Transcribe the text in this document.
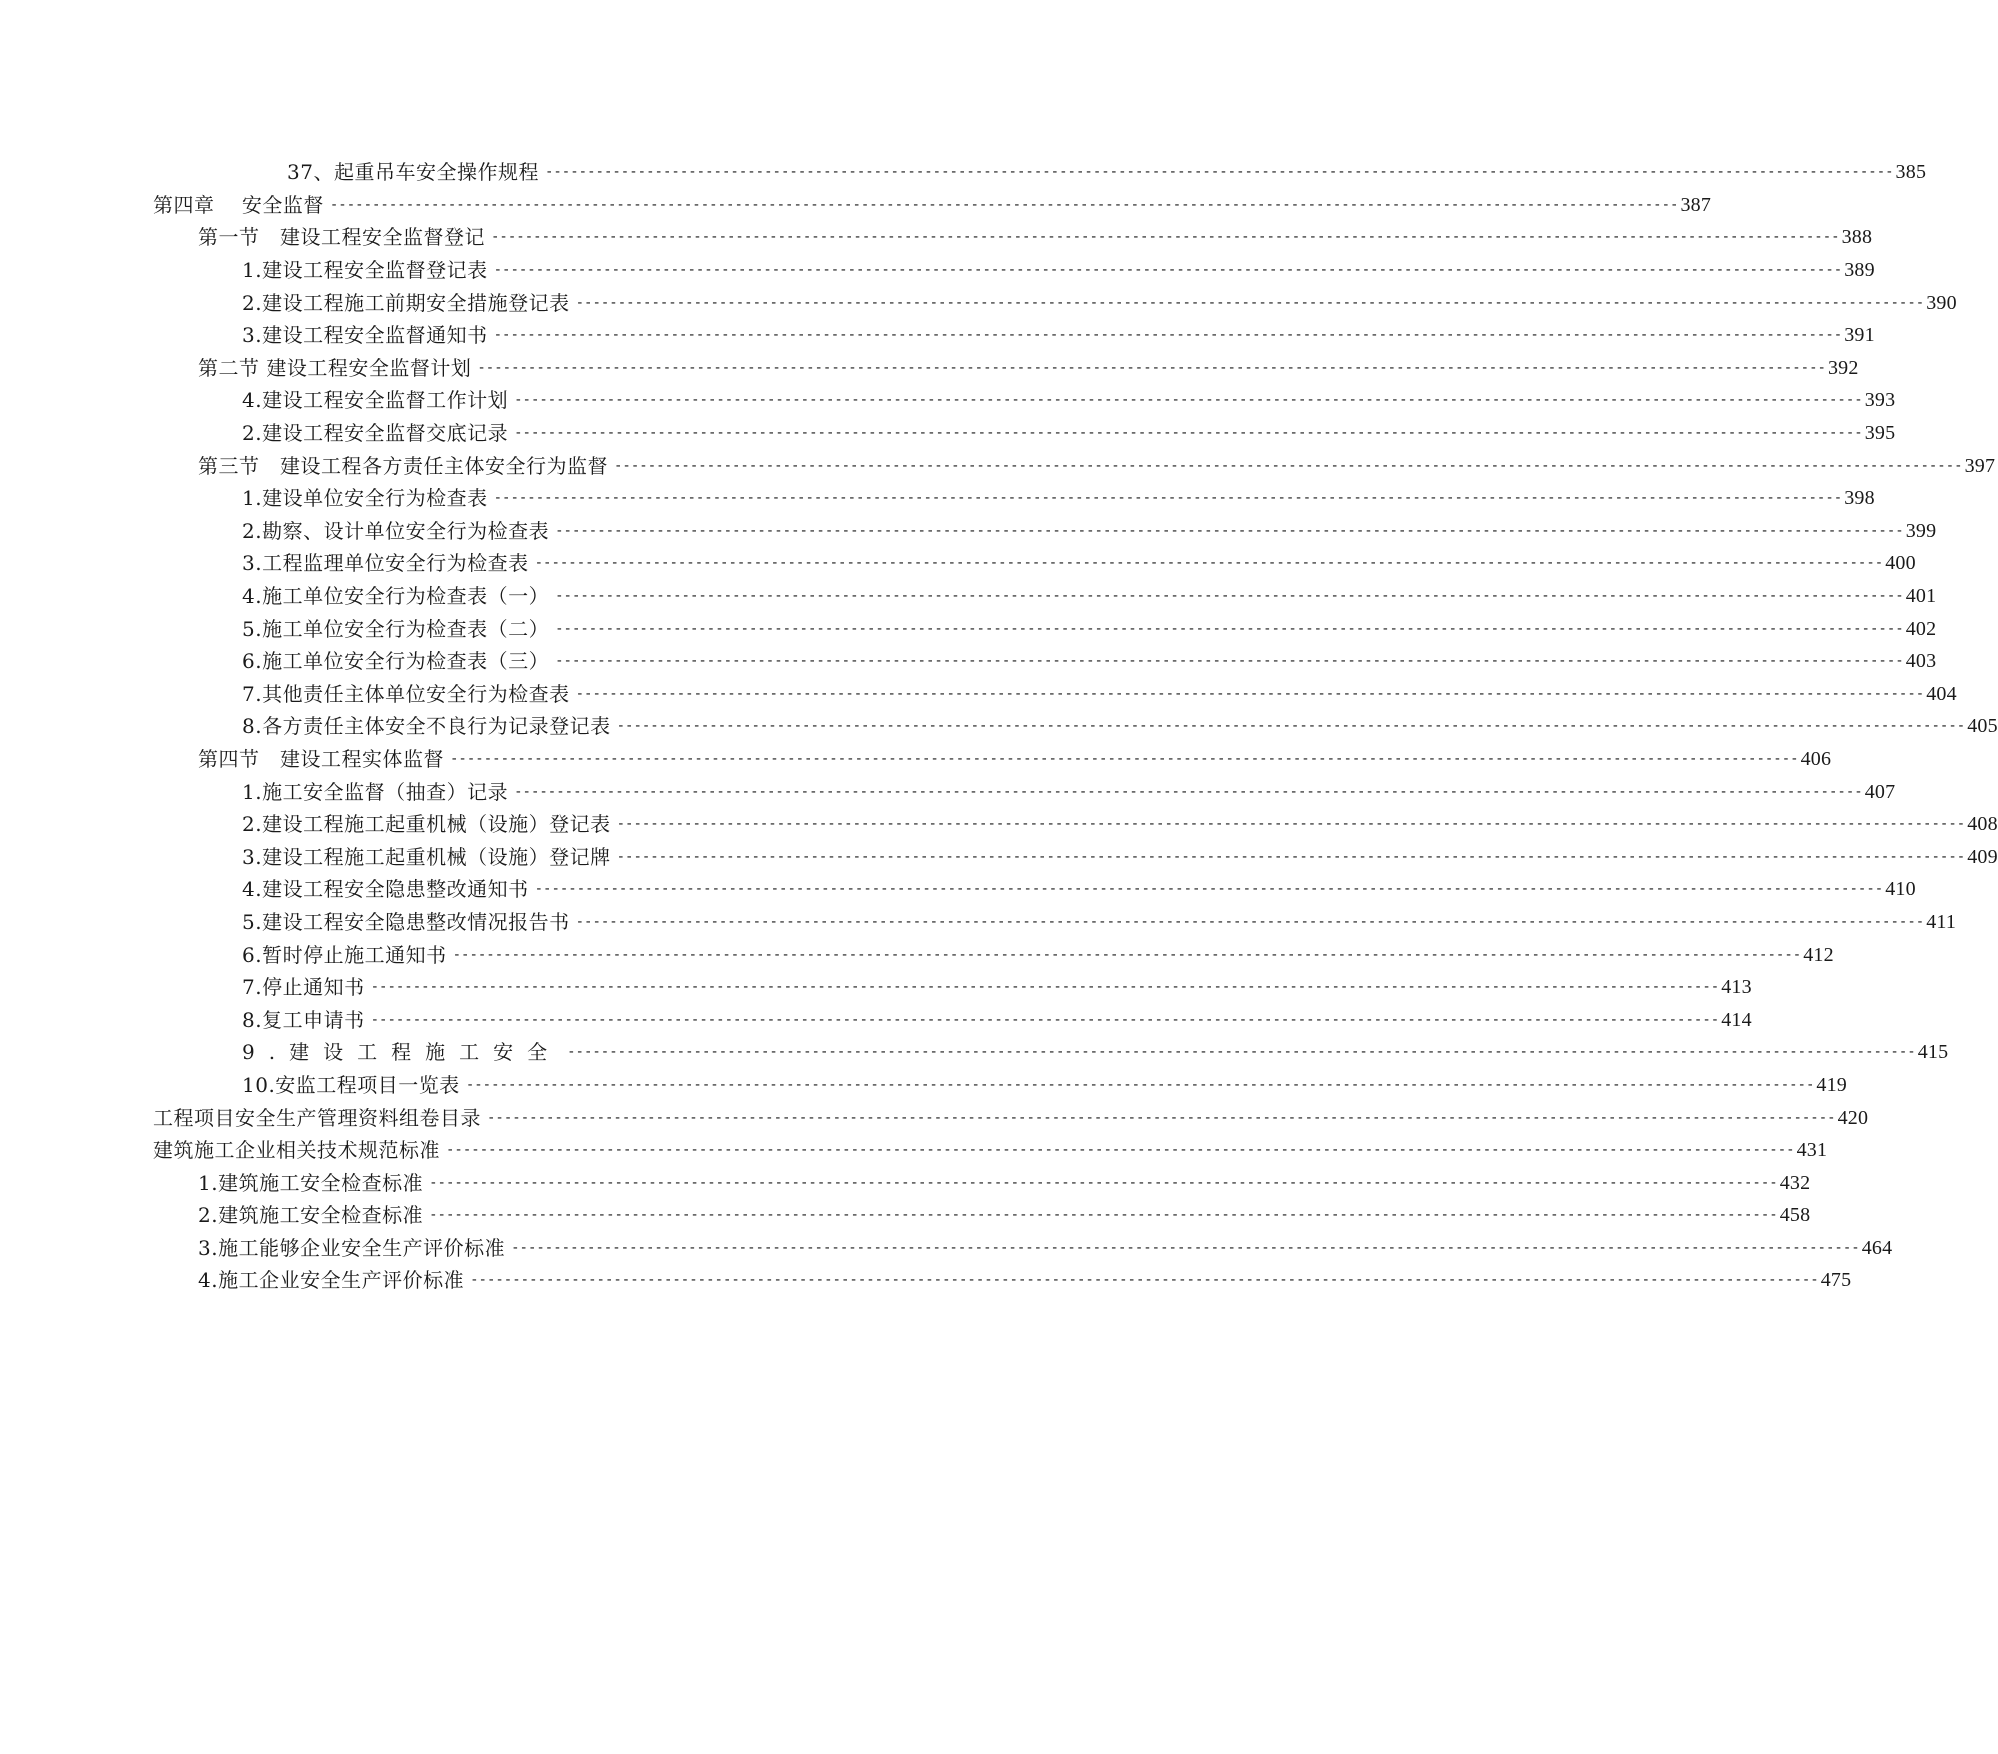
37、起重吊车安全操作规程 ---------------------------------------------------------------------------------------------------------------------------------------------------------------- 385
第四章　 安全监督 ---------------------------------------------------------------------------------------------------------------------------------------------------------------- 387
第一节　建设工程安全监督登记 ---------------------------------------------------------------------------------------------------------------------------------------------------------------- 388
1.建设工程安全监督登记表 ---------------------------------------------------------------------------------------------------------------------------------------------------------------- 389
2.建设工程施工前期安全措施登记表 ---------------------------------------------------------------------------------------------------------------------------------------------------------------- 390
3.建设工程安全监督通知书 ---------------------------------------------------------------------------------------------------------------------------------------------------------------- 391
第二节 建设工程安全监督计划 ---------------------------------------------------------------------------------------------------------------------------------------------------------------- 392
4.建设工程安全监督工作计划 ---------------------------------------------------------------------------------------------------------------------------------------------------------------- 393
2.建设工程安全监督交底记录 ---------------------------------------------------------------------------------------------------------------------------------------------------------------- 395
第三节　建设工程各方责任主体安全行为监督 ---------------------------------------------------------------------------------------------------------------------------------------------------------------- 397
1.建设单位安全行为检查表 ---------------------------------------------------------------------------------------------------------------------------------------------------------------- 398
2.勘察、设计单位安全行为检查表 ---------------------------------------------------------------------------------------------------------------------------------------------------------------- 399
3.工程监理单位安全行为检查表 ---------------------------------------------------------------------------------------------------------------------------------------------------------------- 400
4.施工单位安全行为检查表（一） ---------------------------------------------------------------------------------------------------------------------------------------------------------------- 401
5.施工单位安全行为检查表（二） ---------------------------------------------------------------------------------------------------------------------------------------------------------------- 402
6.施工单位安全行为检查表（三） ---------------------------------------------------------------------------------------------------------------------------------------------------------------- 403
7.其他责任主体单位安全行为检查表 ---------------------------------------------------------------------------------------------------------------------------------------------------------------- 404
8.各方责任主体安全不良行为记录登记表 ---------------------------------------------------------------------------------------------------------------------------------------------------------------- 405
第四节　建设工程实体监督 ---------------------------------------------------------------------------------------------------------------------------------------------------------------- 406
1.施工安全监督（抽查）记录 ---------------------------------------------------------------------------------------------------------------------------------------------------------------- 407
2.建设工程施工起重机械（设施）登记表 ---------------------------------------------------------------------------------------------------------------------------------------------------------------- 408
3.建设工程施工起重机械（设施）登记牌 ---------------------------------------------------------------------------------------------------------------------------------------------------------------- 409
4.建设工程安全隐患整改通知书 ---------------------------------------------------------------------------------------------------------------------------------------------------------------- 410
5.建设工程安全隐患整改情况报告书 ---------------------------------------------------------------------------------------------------------------------------------------------------------------- 411
6.暂时停止施工通知书 ---------------------------------------------------------------------------------------------------------------------------------------------------------------- 412
7.停止通知书 ---------------------------------------------------------------------------------------------------------------------------------------------------------------- 413
8.复工申请书 ---------------------------------------------------------------------------------------------------------------------------------------------------------------- 414
9.建设工程施工安全 ---------------------------------------------------------------------------------------------------------------------------------------------------------------- 415
10.安监工程项目一览表 ---------------------------------------------------------------------------------------------------------------------------------------------------------------- 419
工程项目安全生产管理资料组卷目录 ---------------------------------------------------------------------------------------------------------------------------------------------------------------- 420
建筑施工企业相关技术规范标准 ---------------------------------------------------------------------------------------------------------------------------------------------------------------- 431
1.建筑施工安全检查标准 ---------------------------------------------------------------------------------------------------------------------------------------------------------------- 432
2.建筑施工安全检查标准 ---------------------------------------------------------------------------------------------------------------------------------------------------------------- 458
3.施工能够企业安全生产评价标准 ---------------------------------------------------------------------------------------------------------------------------------------------------------------- 464
4.施工企业安全生产评价标准 ---------------------------------------------------------------------------------------------------------------------------------------------------------------- 475
